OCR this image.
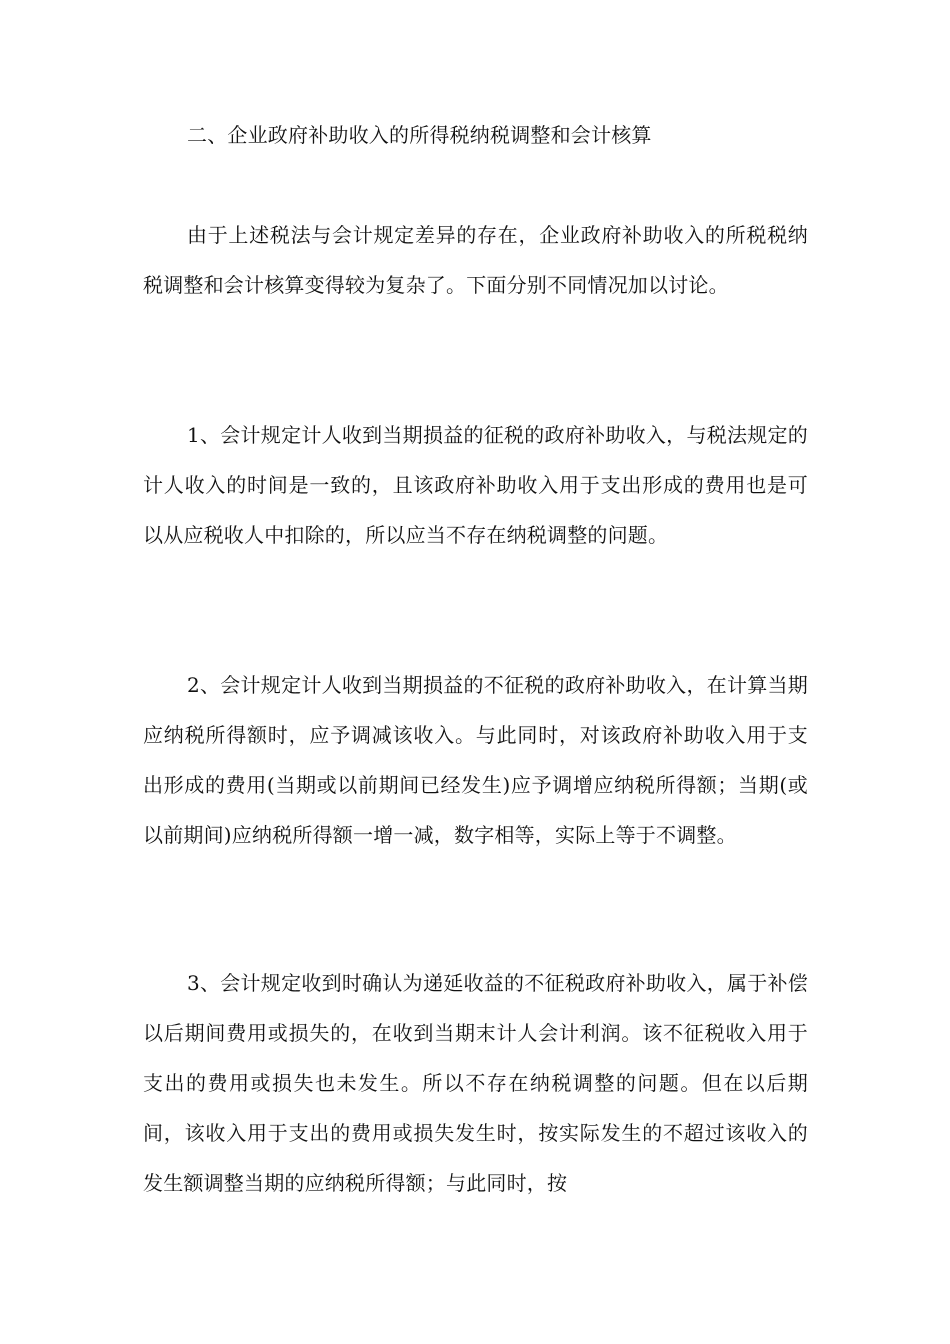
二、企业政府补助收入的所得税纳税调整和会计核算

由于上述税法与会计规定差异的存在，企业政府补助收入的所税税纳税调整和会计核算变得较为复杂了。下面分别不同情况加以讨论。

1、会计规定计人收到当期损益的征税的政府补助收入，与税法规定的计人收入的时间是一致的，且该政府补助收入用于支出形成的费用也是可以从应税收人中扣除的，所以应当不存在纳税调整的问题。

2、会计规定计人收到当期损益的不征税的政府补助收入，在计算当期应纳税所得额时，应予调减该收入。与此同时，对该政府补助收入用于支出形成的费用(当期或以前期间已经发生)应予调增应纳税所得额；当期(或以前期间)应纳税所得额一增一减，数字相等，实际上等于不调整。

3、会计规定收到时确认为递延收益的不征税政府补助收入，属于补偿以后期间费用或损失的，在收到当期末计人会计利润。该不征税收入用于支出的费用或损失也未发生。所以不存在纳税调整的问题。但在以后期间，该收入用于支出的费用或损失发生时，按实际发生的不超过该收入的发生额调整当期的应纳税所得额；与此同时，按
